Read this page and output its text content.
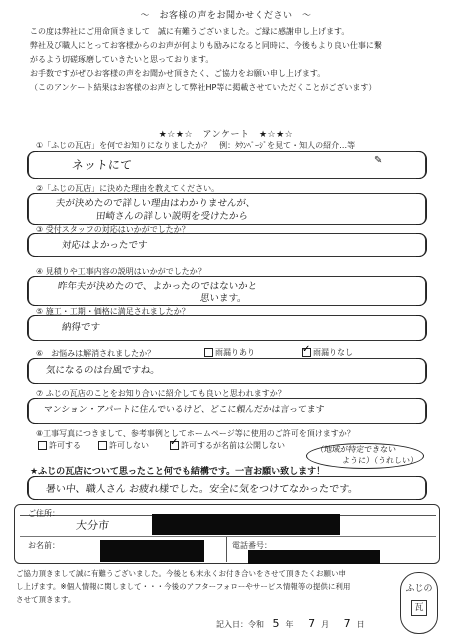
～　お客様の声をお聞かせください　～
この度は弊社にご用命頂きまして　誠に有難うございました。ご縁に感謝申し上げます。
弊社及び職人にとってお客様からのお声が何よりも励みになると同時に、今後もより良い仕事に繋
がるよう切磋琢磨していきたいと思っております。
お手数ですがぜひお客様の声をお聞かせ頂きたく、ご協力をお願い申し上げます。
（このアンケート結果はお客様のお声として弊社HP等に掲載させていただくことがございます）
★☆★☆　アンケート　★☆★☆
①「ふじの瓦店」を何でお知りになりましたか？　例：ﾀｳﾝﾍﾟｰｼﾞを見て・知人の紹介…等
ネットにて
②「ふじの瓦店」に決めた理由を教えてください。
夫が決めたので詳しい理由はわかりませんが、
田崎さんの詳しい説明を受けたから
③ 受付スタッフの対応はいかがでしたか？
対応はよかったです
④ 見積りや工事内容の説明はいかがでしたか？
昨年夫が決めたので、よかったのではないかと
思います。
⑤ 施工・工期・価格に満足されましたか？
納得です
⑥　お悩みは解消されましたか？	雨漏りあり ✓	雨漏りなし
気になるのは台風ですね。
⑦ ふじの瓦店のことをお知り合いに紹介しても良いと思われますか？
マンション・アパートに住んでいるけど、どこに頼んだかは言ってます
⑧工事写真につきまして、参考事例としてホームページ等に使用のご許可を頂けますか？
許可する	許可しない ✓	許可するが名前は公開しない	（地域が特定できない
ように）（うれしい）
★ふじの瓦店について思ったこと何でも結構です。一言お願い致します！
暑い中、職人さん お疲れ様でした。安全に気をつけてなかったです。
ご住所：
大分市
お名前：	電話番号：
ご協力頂きまして誠に有難うございました。今後とも末永くお付き合いをさせて頂きたくお願い申
し上げます。※個人情報に関しまして・・・今後のアフターフォローやサービス情報等の提供に利用
させて頂きます。
記入日：令和 5 年 7 月 7 日
ふじの
瓦
✎
